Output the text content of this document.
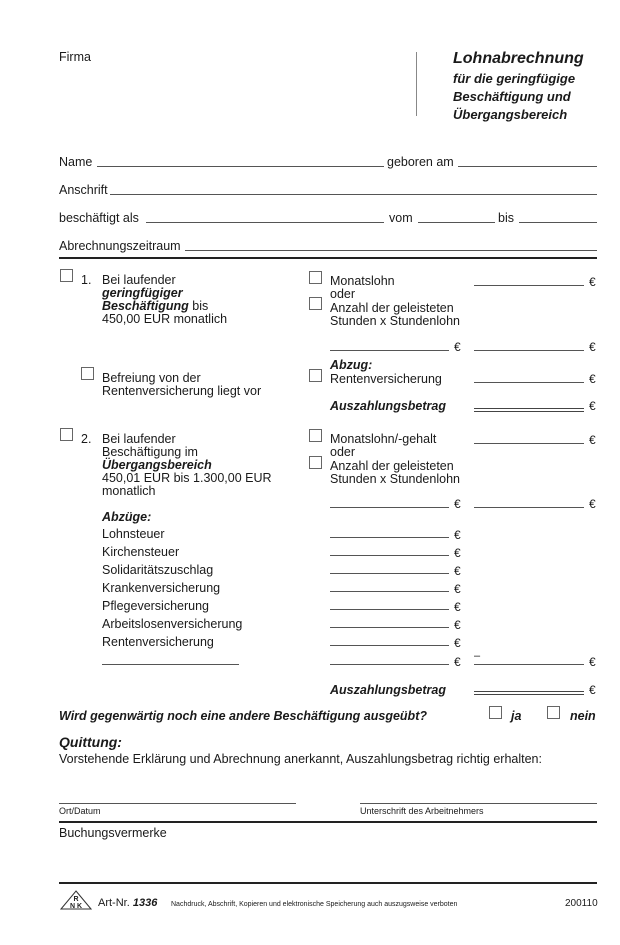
Firma	Lohnabrechnung
für die geringfügige
Beschäftigung und
Übergangsbereich
Name	geboren am
Anschrift
beschäftigt als	vom	bis
Abrechnungszeitraum
1. Bei laufender
geringfügiger
Beschäftigung bis
450,00 EUR monatlich
Befreiung von der
Rentenversicherung liegt vor
Monatslohn	€
oder
Anzahl der geleisteten
Stunden x Stundenlohn
€	€
Abzug:
Rentenversicherung	€
Auszahlungsbetrag	€
2. Bei laufender
Beschäftigung im
Übergangsbereich
450,01 EUR bis 1.300,00 EUR
monatlich
Monatslohn/-gehalt	€
oder
Anzahl der geleisteten
Stunden x Stundenlohn
€	€
Abzüge:
Lohnsteuer	€
Kirchensteuer	€
Solidaritätszuschlag	€
Krankenversicherung	€
Pflegeversicherung	€
Arbeitslosenversicherung	€
Rentenversicherung	€
€ –	€
Auszahlungsbetrag	€
Wird gegenwärtig noch eine andere Beschäftigung ausgeübt?	ja	nein
Quittung:
Vorstehende Erklärung und Abrechnung anerkannt, Auszahlungsbetrag richtig erhalten:
Ort/Datum	Unterschrift des Arbeitnehmers
Buchungsvermerke
R
N K Art-Nr. 1336 Nachdruck, Abschrift, Kopieren und elektronische Speicherung auch auszugsweise verboten	200110
